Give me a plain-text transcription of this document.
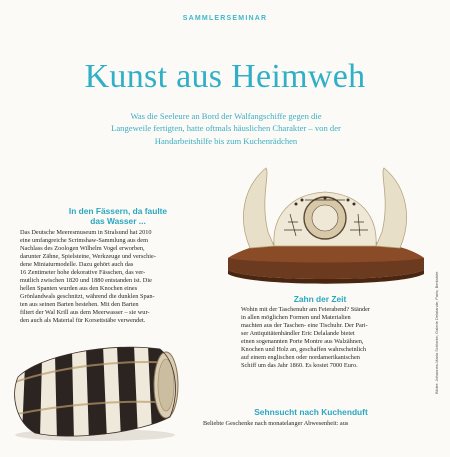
SAMMLERSEMINAR
Kunst aus Heimweh
Was die Seeleure an Bord der Walfangschiffe gegen die
Langeweile fertigten, hatte oftmals häuslichen Charakter – von der
Handarbeitshilfe bis zum Kuchenrädchen
In den Fässern, da faulte
das Wasser ...
Das Deutsche Meeresmuseum in Stralsund hat 2010
eine umfangreiche Scrimshaw-Sammlung aus dem
Nachlass des Zoologen Wilhelm Vogel erworben,
darunter Zähne, Spielsteine, Werkzeuge und verschie-
dene Miniaturmodelle. Dazu gehört auch das
16 Zentimeter hohe dekorative Fässchen, das ver-
mutlich zwischen 1820 und 1880 entstanden ist. Die
hellen Spanten wurden aus den Knochen eines
Grönlandwals geschnitzt, während die dunklen Span-
ten aus seinen Barten bestehen. Mit den Barten
filtert der Wal Krill aus dem Meerwasser – sie wur-
den auch als Material für Korsettstäbe verwendet.
Zahn der Zeit
Wohin mit der Taschenuhr am Feierabend? Ständer
in allen möglichen Formen und Materialien
machten aus der Taschen- eine Tischuhr. Der Pari-
ser Antiquitätenhändler Eric Delalande bietet
einen sogenannten Porte Montre aus Walzähnen,
Knochen und Holz an, geschaffen wahrscheinlich
auf einem englischen oder nordamerikanischen
Schiff um das Jahr 1860. Es kostet 7000 Euro.	Bilder: Johannes-Maria Schlorke; Galerie Delalande, Paris; Berkshire
Sehnsucht nach Kuchenduft
Beliebte Geschenke nach monatelanger Abwesenheit: aus
